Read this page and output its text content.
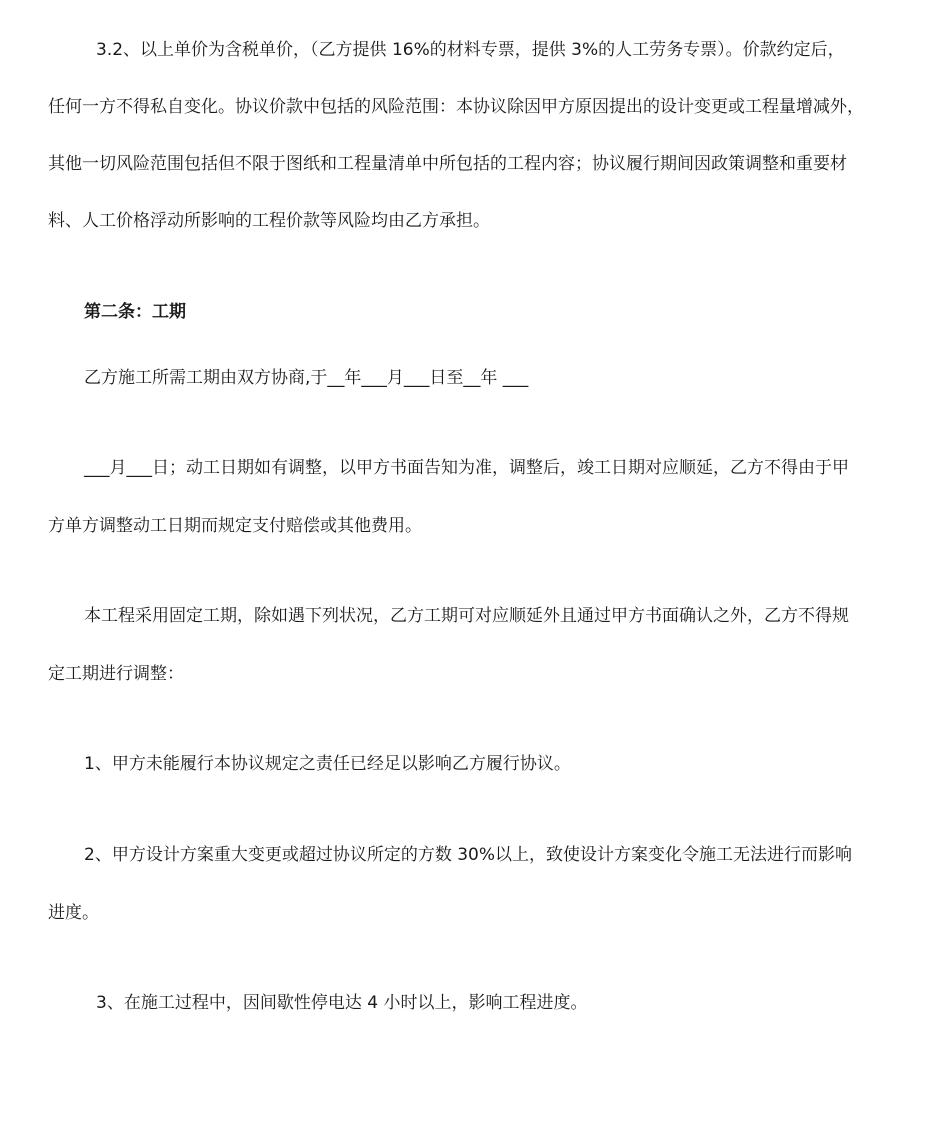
3.2、以上单价为含税单价，（乙方提供 16%的材料专票，提供 3%的人工劳务专票）。价款约定后，

任何一方不得私自变化。协议价款中包括的风险范围：本协议除因甲方原因提出的设计变更或工程量增减外，

其他一切风险范围包括但不限于图纸和工程量清单中所包括的工程内容；协议履行期间因政策调整和重要材

料、人工价格浮动所影响的工程价款等风险均由乙方承担。

第二条：工期

乙方施工所需工期由双方协商,于__年___月___日至__年 ___

___月___日；动工日期如有调整，以甲方书面告知为准，调整后，竣工日期对应顺延，乙方不得由于甲

方单方调整动工日期而规定支付赔偿或其他费用。

本工程采用固定工期，除如遇下列状况，乙方工期可对应顺延外且通过甲方书面确认之外，乙方不得规

定工期进行调整：

1、甲方未能履行本协议规定之责任已经足以影响乙方履行协议。

2、甲方设计方案重大变更或超过协议所定的方数 30%以上，致使设计方案变化令施工无法进行而影响

进度。

3、在施工过程中，因间歇性停电达 4 小时以上，影响工程进度。
